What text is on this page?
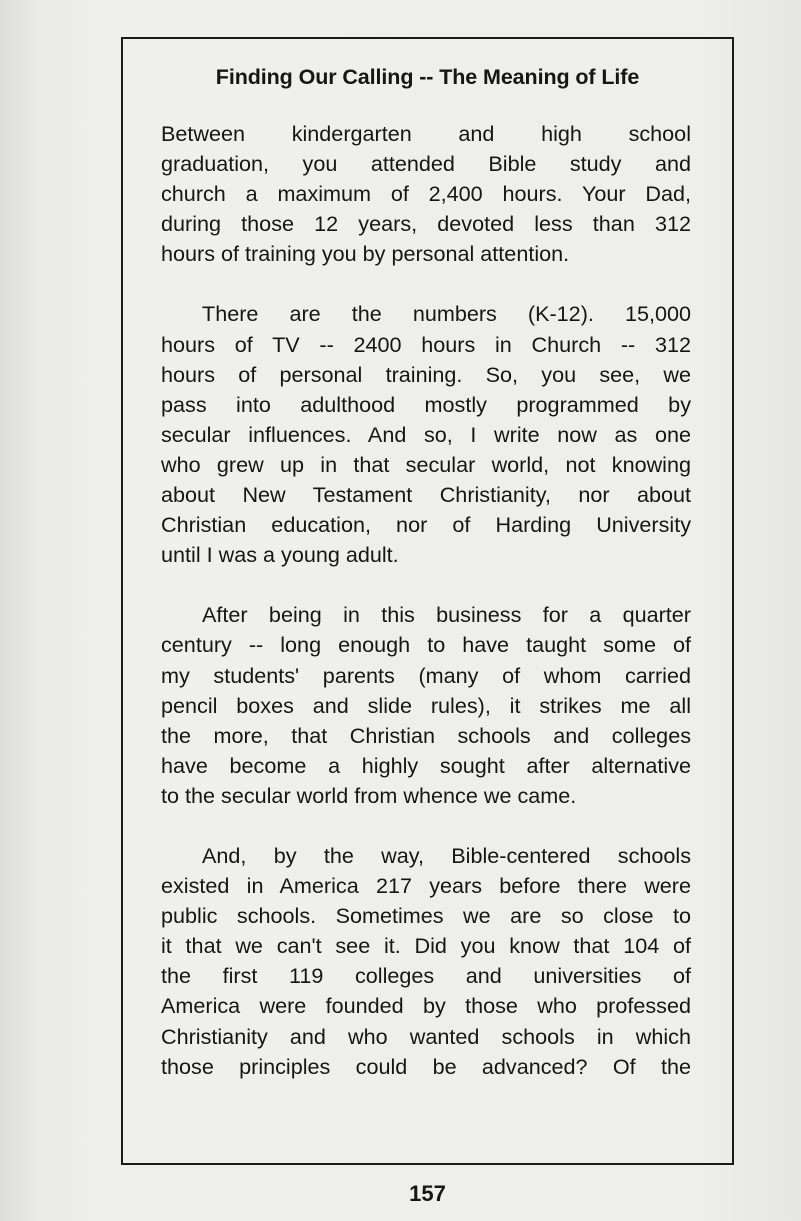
Finding Our Calling -- The Meaning of Life
Between kindergarten and high school
graduation, you attended Bible study and
church a maximum of 2,400 hours. Your Dad,
during those 12 years, devoted less than 312
hours of training you by personal attention.
There are the numbers (K-12). 15,000
hours of TV -- 2400 hours in Church -- 312
hours of personal training. So, you see, we
pass into adulthood mostly programmed by
secular influences. And so, I write now as one
who grew up in that secular world, not knowing
about New Testament Christianity, nor about
Christian education, nor of Harding University
until I was a young adult.
After being in this business for a quarter
century -- long enough to have taught some of
my students' parents (many of whom carried
pencil boxes and slide rules), it strikes me all
the more, that Christian schools and colleges
have become a highly sought after alternative
to the secular world from whence we came.
And, by the way, Bible-centered schools
existed in America 217 years before there were
public schools. Sometimes we are so close to
it that we can't see it. Did you know that 104 of
the first 119 colleges and universities of
America were founded by those who professed
Christianity and who wanted schools in which
those principles could be advanced? Of the
157
